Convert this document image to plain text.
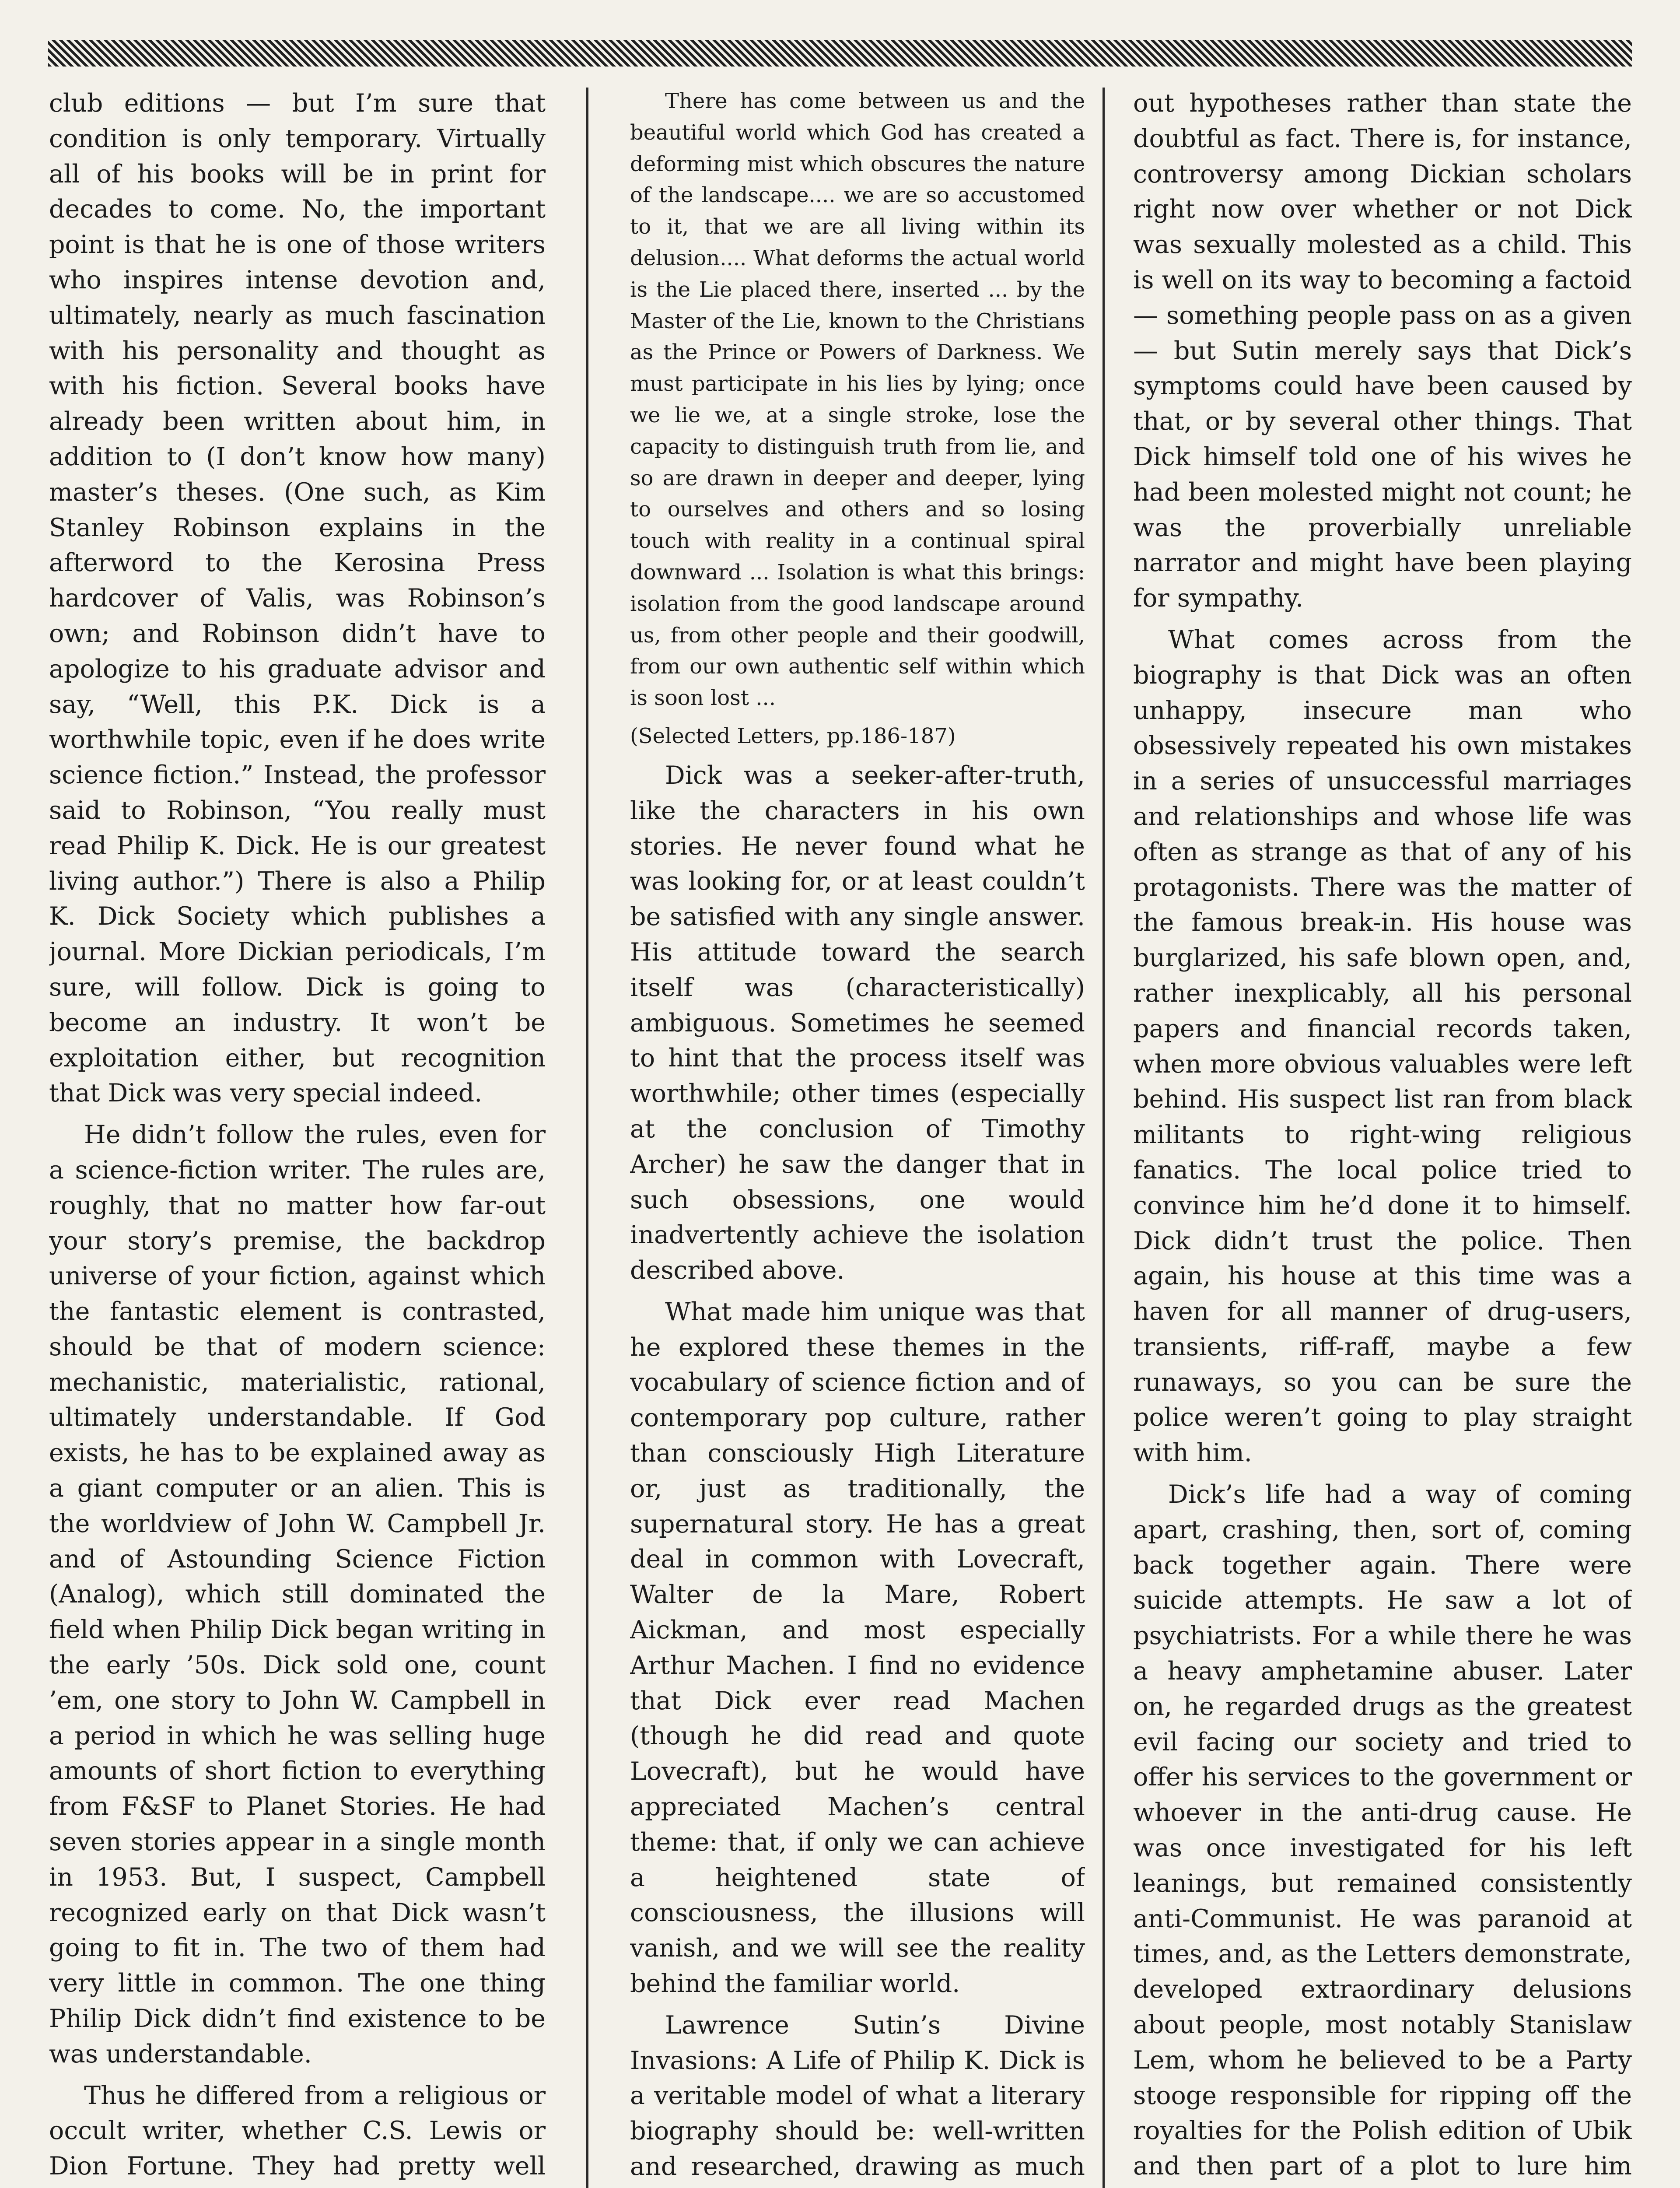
club editions — but I’m sure that condition is only temporary. Virtually all of his books will be in print for decades to come. No, the important point is that he is one of those writers who inspires intense devotion and, ultimately, nearly as much fascination with his personality and thought as with his fiction. Several books have already been written about him, in addition to (I don’t know how many) master’s theses. (One such, as Kim Stanley Robinson explains in the afterword to the Kerosina Press hardcover of Valis, was Robinson’s own; and Robinson didn’t have to apologize to his graduate advisor and say, “Well, this P.K. Dick is a worthwhile topic, even if he does write science fiction.” Instead, the professor said to Robinson, “You really must read Philip K. Dick. He is our greatest living author.”) There is also a Philip K. Dick Society which publishes a journal. More Dickian periodicals, I’m sure, will follow. Dick is going to become an industry. It won’t be exploitation either, but recognition that Dick was very special indeed.

He didn’t follow the rules, even for a science-fiction writer. The rules are, roughly, that no matter how far-out your story’s premise, the backdrop universe of your fiction, against which the fantastic element is contrasted, should be that of modern science: mechanistic, materialistic, rational, ultimately understandable. If God exists, he has to be explained away as a giant computer or an alien. This is the worldview of John W. Campbell Jr. and of Astounding Science Fiction (Analog), which still dominated the field when Philip Dick began writing in the early ’50s. Dick sold one, count ’em, one story to John W. Campbell in a period in which he was selling huge amounts of short fiction to everything from F&SF to Planet Stories. He had seven stories appear in a single month in 1953. But, I suspect, Campbell recognized early on that Dick wasn’t going to fit in. The two of them had very little in common. The one thing Philip Dick didn’t find existence to be was understandable.

Thus he differed from a religious or occult writer, whether C.S. Lewis or Dion Fortune. They had pretty well

There has come between us and the beautiful world which God has created a deforming mist which obscures the nature of the landscape.... we are so accustomed to it, that we are all living within its delusion.... What deforms the actual world is the Lie placed there, inserted ... by the Master of the Lie, known to the Christians as the Prince or Powers of Darkness. We must participate in his lies by lying; once we lie we, at a single stroke, lose the capacity to distinguish truth from lie, and so are drawn in deeper and deeper, lying to ourselves and others and so losing touch with reality in a continual spiral downward ... Isolation is what this brings: isolation from the good landscape around us, from other people and their goodwill, from our own authentic self within which is soon lost ...

(Selected Letters, pp.186-187)

Dick was a seeker-after-truth, like the characters in his own stories. He never found what he was looking for, or at least couldn’t be satisfied with any single answer. His attitude toward the search itself was (characteristically) ambiguous. Sometimes he seemed to hint that the process itself was worthwhile; other times (especially at the conclusion of Timothy Archer) he saw the danger that in such obsessions, one would inadvertently achieve the isolation described above.

What made him unique was that he explored these themes in the vocabulary of science fiction and of contemporary pop culture, rather than consciously High Literature or, just as traditionally, the supernatural story. He has a great deal in common with Lovecraft, Walter de la Mare, Robert Aickman, and most especially Arthur Machen. I find no evidence that Dick ever read Machen (though he did read and quote Lovecraft), but he would have appreciated Machen’s central theme: that, if only we can achieve a heightened state of consciousness, the illusions will vanish, and we will see the reality behind the familiar world.

Lawrence Sutin’s Divine Invasions: A Life of Philip K. Dick is a veritable model of what a literary biography should be: well-written and researched, drawing as much

out hypotheses rather than state the doubtful as fact. There is, for instance, controversy among Dickian scholars right now over whether or not Dick was sexually molested as a child. This is well on its way to becoming a factoid — something people pass on as a given — but Sutin merely says that Dick’s symptoms could have been caused by that, or by several other things. That Dick himself told one of his wives he had been molested might not count; he was the proverbially unreliable narrator and might have been playing for sympathy.

What comes across from the biography is that Dick was an often unhappy, insecure man who obsessively repeated his own mistakes in a series of unsuccessful marriages and relationships and whose life was often as strange as that of any of his protagonists. There was the matter of the famous break-in. His house was burglarized, his safe blown open, and, rather inexplicably, all his personal papers and financial records taken, when more obvious valuables were left behind. His suspect list ran from black militants to right-wing religious fanatics. The local police tried to convince him he’d done it to himself. Dick didn’t trust the police. Then again, his house at this time was a haven for all manner of drug-users, transients, riff-raff, maybe a few runaways, so you can be sure the police weren’t going to play straight with him.

Dick’s life had a way of coming apart, crashing, then, sort of, coming back together again. There were suicide attempts. He saw a lot of psychiatrists. For a while there he was a heavy amphetamine abuser. Later on, he regarded drugs as the greatest evil facing our society and tried to offer his services to the government or whoever in the anti-drug cause. He was once investigated for his left leanings, but remained consistently anti-Communist. He was paranoid at times, and, as the Letters demonstrate, developed extraordinary delusions about people, most notably Stanislaw Lem, whom he believed to be a Party stooge responsible for ripping off the royalties for the Polish edition of Ubik and then part of a plot to lure him
